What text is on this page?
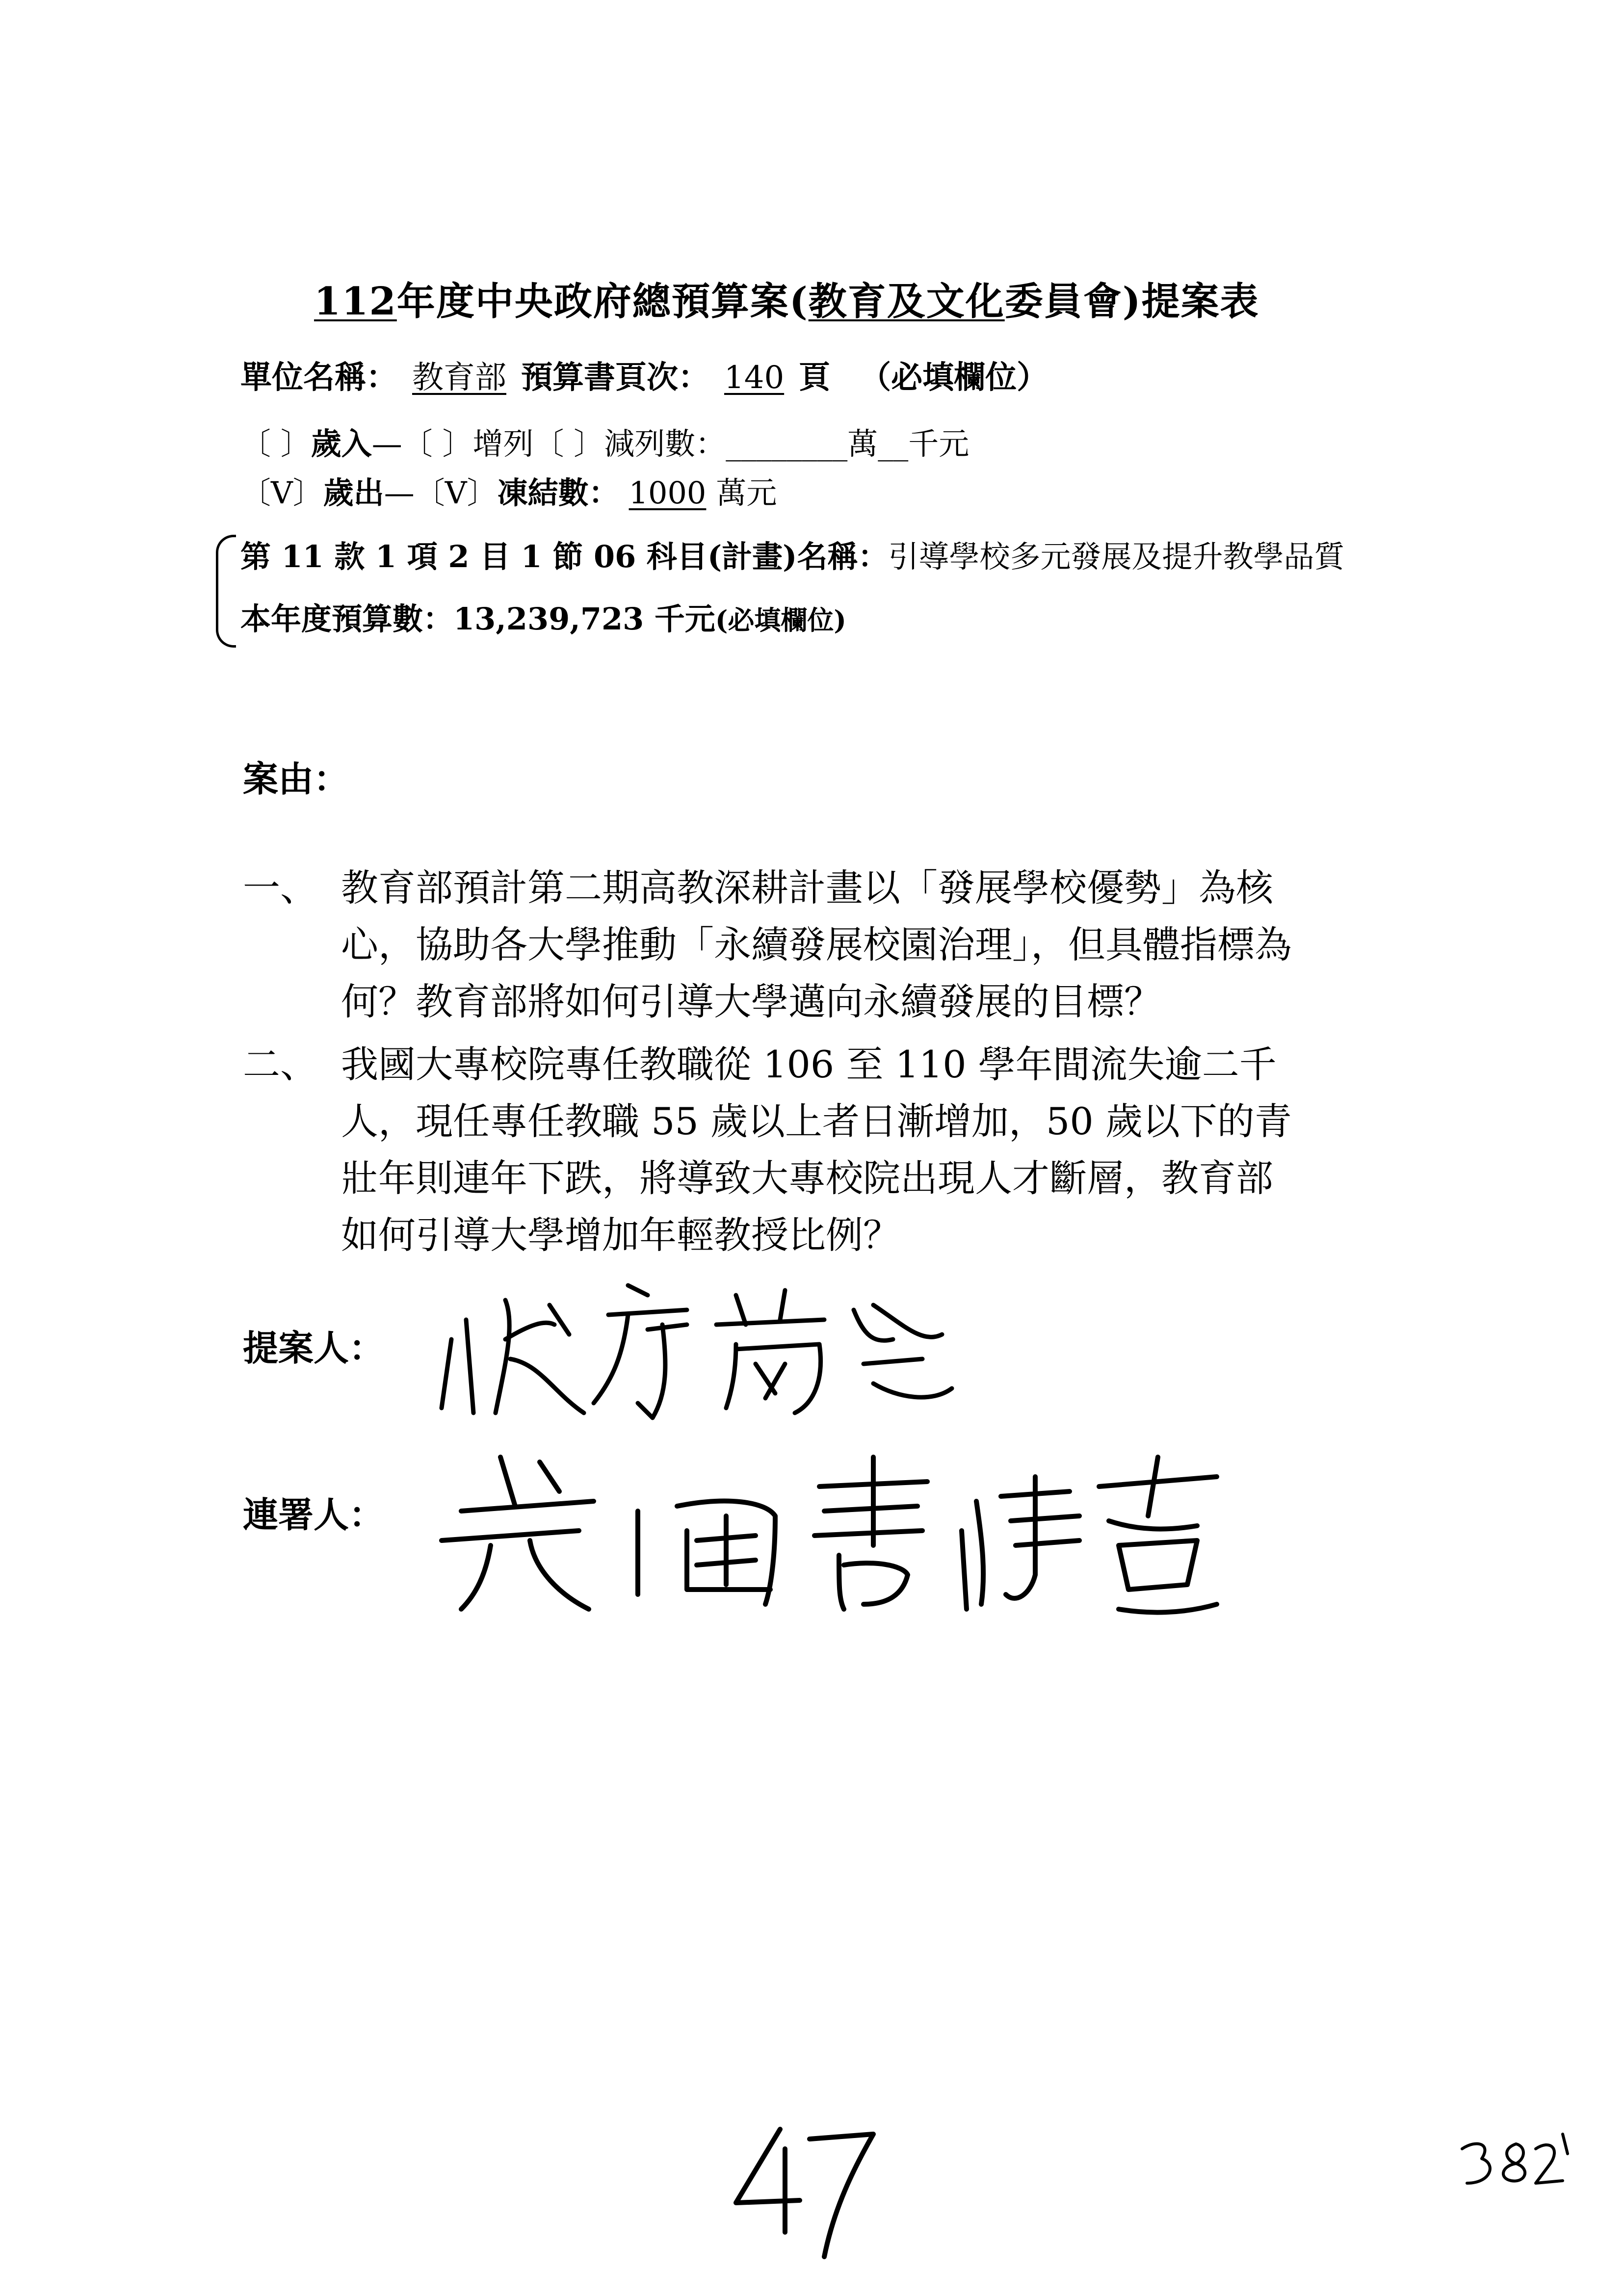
112年度中央政府總預算案(教育及文化委員會)提案表
單位名稱： 教育部 預算書頁次： 140 頁 （必填欄位）
〔 〕歲入—〔 〕增列〔 〕減列數：________萬__千元
〔V〕歲出—〔V〕凍結數： 1000 萬元
第 11 款 1 項 2 目 1 節 06 科目(計畫)名稱：引導學校多元發展及提升教學品質
本年度預算數：13,239,723 千元(必填欄位)
案由：
一、 教育部預計第二期高教深耕計畫以「發展學校優勢」為核
心，協助各大學推動「永續發展校園治理」，但具體指標為
何？教育部將如何引導大學邁向永續發展的目標？
二、 我國大專校院專任教職從 106 至 110 學年間流失逾二千
人，現任專任教職 55 歲以上者日漸增加，50 歲以下的青
壯年則連年下跌，將導致大專校院出現人才斷層，教育部
如何引導大學增加年輕教授比例？
提案人：
連署人：
